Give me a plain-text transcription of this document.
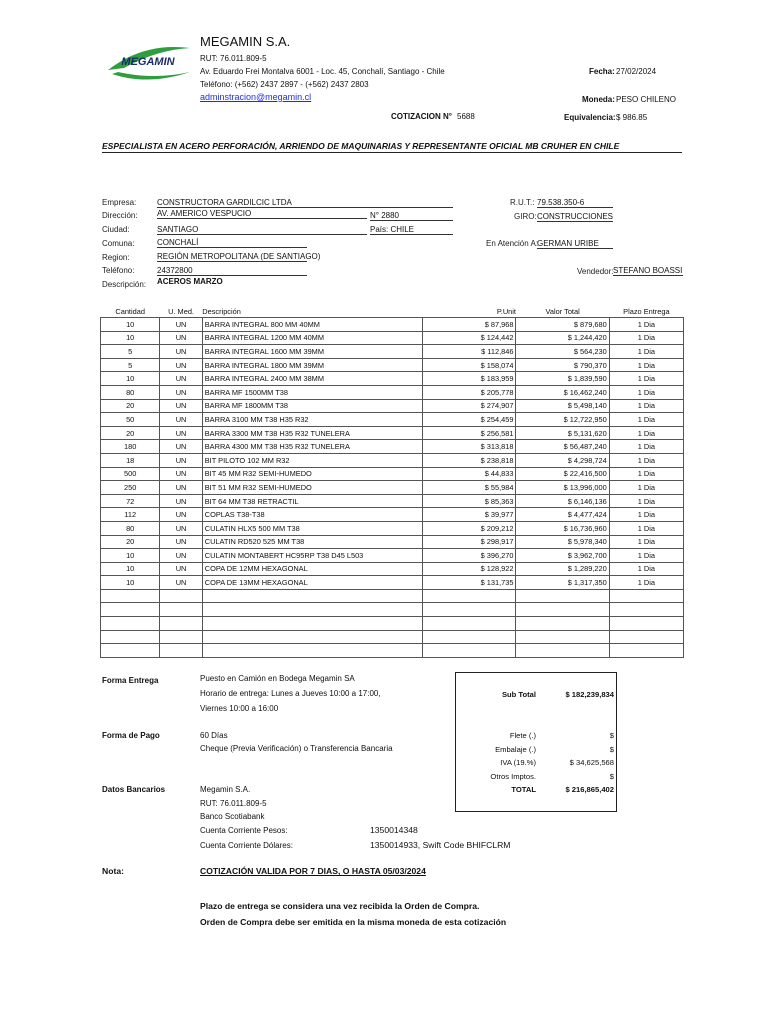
MEGAMIN
MEGAMIN S.A.
RUT: 76.011.809-5
Av. Eduardo Frei Montalva 6001 - Loc. 45, Conchalí, Santiago - Chile
Teléfono: (+562) 2437 2897 - (+562) 2437 2803
adminstracion@megamin.cl
COTIZACION N° 5688
Fecha: 27/02/2024
Moneda: PESO CHILENO
Equivalencia: $ 986.85
ESPECIALISTA EN ACERO PERFORACIÓN, ARRIENDO DE MAQUINARIAS Y REPRESENTANTE OFICIAL MB CRUHER EN CHILE
Empresa:	CONSTRUCTORA GARDILCIC LTDA
Dirección: AV. AMERICO VESPUCIO	N° 2880
Ciudad:	SANTIAGO	País: CHILE
Comuna:	CONCHALÍ
Region:	REGIÓN METROPOLITANA (DE SANTIAGO)
Teléfono:	24372800
Descripción: ACEROS MARZO
R.U.T.: 79.538.350-6
GIRO: CONSTRUCCIONES
En Atención A:
GERMAN URIBE
Vendedor: STEFANO BOASSI
Cantidad	U. Med.	Descripción	P.Unit	Valor Total	Plazo Entrega
10	UN	BARRA INTEGRAL 800 MM 40MM	$ 87,968	$ 879,680	1 Dia
10	UN	BARRA INTEGRAL 1200 MM 40MM	$ 124,442	$ 1,244,420	1 Dia
5	UN	BARRA INTEGRAL 1600 MM 39MM	$ 112,846	$ 564,230	1 Dia
5	UN	BARRA INTEGRAL 1800 MM 39MM	$ 158,074	$ 790,370	1 Dia
10	UN	BARRA INTEGRAL 2400 MM 38MM	$ 183,959	$ 1,839,590	1 Dia
80	UN	BARRA MF 1500MM T38	$ 205,778	$ 16,462,240	1 Dia
20	UN	BARRA MF 1800MM T38	$ 274,907	$ 5,498,140	1 Dia
50	UN	BARRA 3100 MM T38 H35 R32	$ 254,459	$ 12,722,950	1 Dia
20	UN	BARRA 3300 MM T38 H35 R32 TUNELERA	$ 256,581	$ 5,131,620	1 Dia
180	UN	BARRA 4300 MM T38 H35 R32 TUNELERA	$ 313,818	$ 56,487,240	1 Dia
18	UN	BIT PILOTO 102 MM R32	$ 238,818	$ 4,298,724	1 Dia
500	UN	BIT 45 MM R32 SEMI-HUMEDO	$ 44,833	$ 22,416,500	1 Dia
250	UN	BIT 51 MM R32 SEMI-HUMEDO	$ 55,984	$ 13,996,000	1 Dia
72	UN	BIT 64 MM T38 RETRACTIL	$ 85,363	$ 6,146,136	1 Dia
112	UN	COPLAS T38-T38	$ 39,977	$ 4,477,424	1 Dia
80	UN	CULATIN HLX5 500 MM T38	$ 209,212	$ 16,736,960	1 Dia
20	UN	CULATIN RD520 525 MM T38	$ 298,917	$ 5,978,340	1 Dia
10	UN	CULATIN MONTABERT HC95RP T38 D45 L503	$ 396,270	$ 3,962,700	1 Dia
10	UN	COPA DE 12MM HEXAGONAL	$ 128,922	$ 1,289,220	1 Dia
10	UN	COPA DE 13MM HEXAGONAL	$ 131,735	$ 1,317,350	1 Dia

Forma Entrega	Puesto en Camión en Bodega Megamin SA
Horario de entrega: Lunes a Jueves 10:00 a 17:00,
Viernes 10:00 a 16:00
Forma de Pago	60 Días
Cheque (Previa Verificación) o Transferencia Bancaria
Datos Bancarios	Megamin S.A.
RUT: 76.011.809-5
Banco Scotiabank
Cuenta Corriente Pesos:	1350014348
Cuenta Corriente Dólares:	1350014933, Swift Code BHIFCLRM
Sub Total	$ 182,239,834
Flete (.)	$
Embalaje (.)	$
IVA (19.%)	$ 34,625,568
Otros Imptos.	$
TOTAL	$ 216,865,402
Nota:	COTIZACIÓN VALIDA POR 7 DIAS, O HASTA 05/03/2024
Plazo de entrega se considera una vez recibida la Orden de Compra.
Orden de Compra debe ser emitida en la misma moneda de esta cotización
